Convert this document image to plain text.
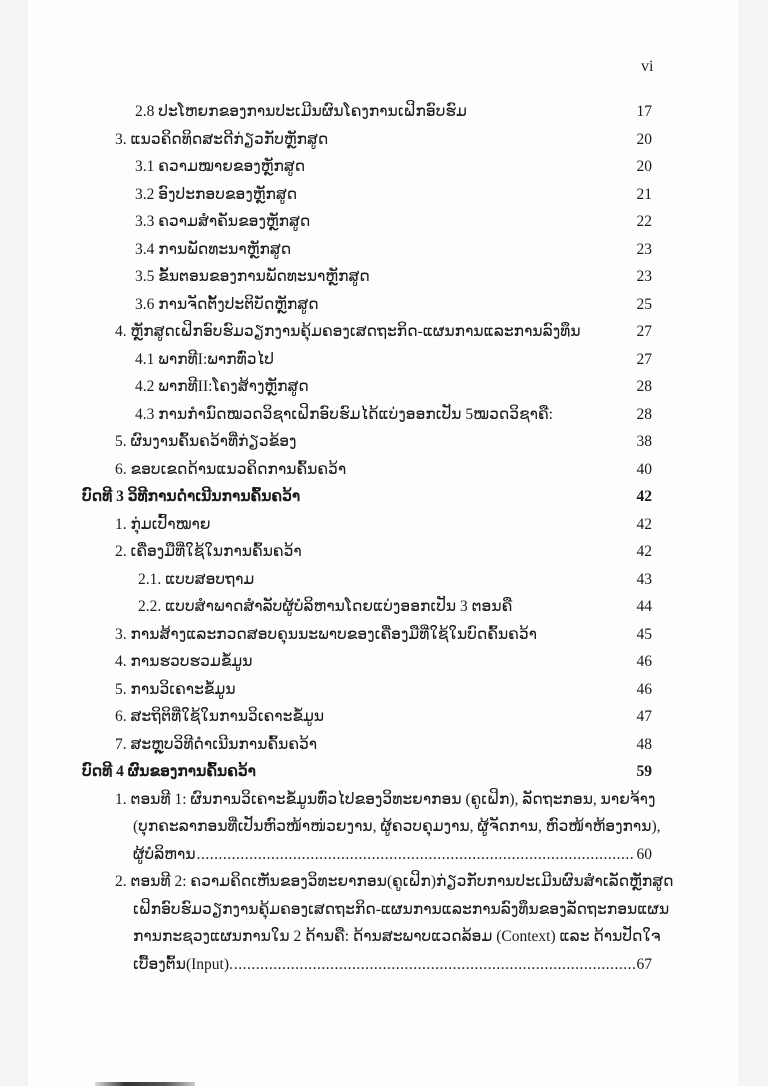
vi
2.8 ປະໂຫຍກຂອງການປະເມີນຜົນໂຄງການເຝິກອົບຮົມ	17
3. ແນວຄິດທິດສະດີກ່ຽວກັບຫຼັກສູດ	20
3.1 ຄວາມໝາຍຂອງຫຼັກສູດ	20
3.2 ອົງປະກອບຂອງຫຼັກສູດ	21
3.3 ຄວາມສຳຄັນຂອງຫຼັກສູດ	22
3.4 ການພັດທະນາຫຼັກສູດ	23
3.5 ຂັ້ນຕອນຂອງການພັດທະນາຫຼັກສູດ	23
3.6 ການຈັດຕັ້ງປະຕິບັດຫຼັກສູດ	25
4. ຫຼັກສູດເຝິກອົບຮົມວຽກງານຄຸ້ມຄອງເສດຖະກິດ-ແຜນການແລະການລົງທຶນ	27
4.1 ພາກທີI:ພາກທົ່ວໄປ	27
4.2 ພາກທີII:ໂຄງສ້າງຫຼັກສູດ	28
4.3 ການກຳນົດໝວດວິຊາເຝິກອົບຮົມໄດ້ແບ່ງອອກເປັນ 5ໝວດວິຊາຄື:	28
5. ຜົນງານຄົ້ນຄວ້າທີ່ກ່ຽວຂ້ອງ	38
6. ຂອບເຂດດ້ານແນວຄິດການຄົ້ນຄວ້າ	40
ບົດທີ 3 ວິທີການດຳເນີນການຄົ້ນຄວ້າ	42
1. ກຸ່ມເປົ້າໝາຍ	42
2. ເຄື່ອງມືທີ່ໃຊ້ໃນການຄົ້ນຄວ້າ	42
2.1. ແບບສອບຖາມ	43
2.2. ແບບສຳພາດສຳລັບຜູ້ບໍລິຫານໂດຍແບ່ງອອກເປັນ 3 ຕອນຄື	44
3. ການສ້າງແລະກວດສອບຄຸນນະພາບຂອງເຄື່ອງມືທີ່ໃຊ້ໃນບົດຄົ້ນຄວ້າ	45
4. ການຮວບຮວມຂໍ້ມູນ	46
5. ການວິເຄາະຂໍ້ມູນ	46
6. ສະຖິຕິທີ່ໃຊ້ໃນການວິເຄາະຂໍ້ມູນ	47
7. ສະຫຼຸບວິທີດຳເນີນການຄົ້ນຄວ້າ	48
ບົດທີ 4 ຜົນຂອງການຄົ້ນຄວ້າ	59
1. ຕອນທີ 1: ຜົນການວິເຄາະຂໍ້ມູນທົ່ວໄປຂອງວິທະຍາກອນ (ຄູເຝິກ), ລັດຖະກອນ, ນາຍຈ້າງ
(ບຸກຄະລາກອນທີ່ເປັນຫົວໜ້າໜ່ວຍງານ, ຜູ້ຄວບຄຸມງານ, ຜູ້ຈັດການ, ຫົວໜ້າຫ້ອງການ),
ຜູ້ບໍລິຫານ .....	60
2. ຕອນທີ 2: ຄວາມຄິດເຫັນຂອງວິທະຍາກອນ(ຄູເຝິກ)ກ່ຽວກັບການປະເມີນຜົນສຳເລັດຫຼັກສູດ
ເຝິກອົບຮົມວຽກງານຄຸ້ມຄອງເສດຖະກິດ-ແຜນການແລະການລົງທຶນຂອງລັດຖະກອນແຜນ
ການກະຊວງແຜນການໃນ 2 ດ້ານຄື: ດ້ານສະພາບແວດລ້ອມ (Context) ແລະ ດ້ານປັດໃຈ
ເບື້ອງຕົ້ນ(Input). .....	67
